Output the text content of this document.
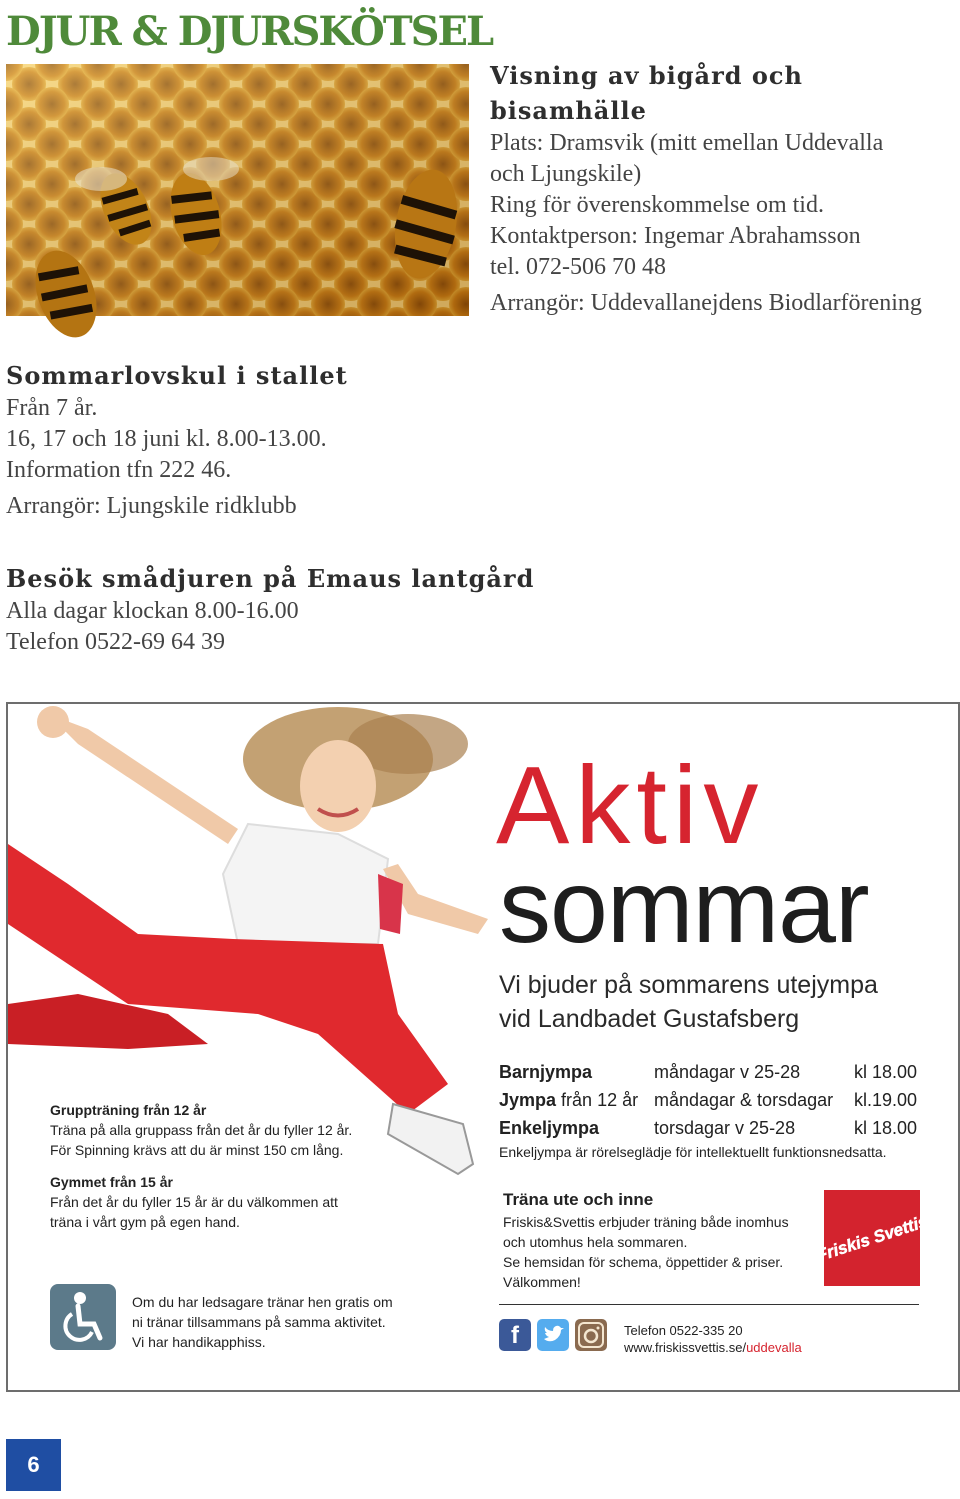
DJUR & DJURSKÖTSEL
Visning av bigård och
bisamhälle
Plats: Dramsvik (mitt emellan Uddevalla
och Ljungskile)
Ring för överenskommelse om tid.
Kontaktperson: Ingemar Abrahamsson
tel. 072-506 70 48
Arrangör: Uddevallanejdens Biodlarförening
Sommarlovskul i stallet
Från 7 år.
16, 17 och 18 juni kl. 8.00-13.00.
Information tfn 222 46.
Arrangör: Ljungskile ridklubb
Besök smådjuren på Emaus lantgård
Alla dagar klockan 8.00-16.00
Telefon 0522-69 64 39
Aktiv
sommar
Vi bjuder på sommarens utejympa
vid Landbadet Gustafsberg
Barnjympa
Jympa från 12 år
Enkeljympa
måndagar v 25-28
måndagar & torsdagar
torsdagar v 25-28
kl 18.00
kl.19.00
kl 18.00
Enkeljympa är rörelseglädje för intellektuellt funktionsnedsatta.
Gruppträning från 12 år
Träna på alla gruppass från det år du fyller 12 år.
För Spinning krävs att du är minst 150 cm lång.
Gymmet från 15 år
Från det år du fyller 15 år är du välkommen att
träna i vårt gym på egen hand.
Om du har ledsagare tränar hen gratis om
ni tränar tillsammans på samma aktivitet.
Vi har handikapphiss.
Träna ute och inne
Friskis&Svettis erbjuder träning både inomhus
och utomhus hela sommaren.
Se hemsidan för schema, öppettider & priser.
Välkommen!
Friskis Svettis
f	Telefon 0522-335 20
www.friskissvettis.se/uddevalla
6
